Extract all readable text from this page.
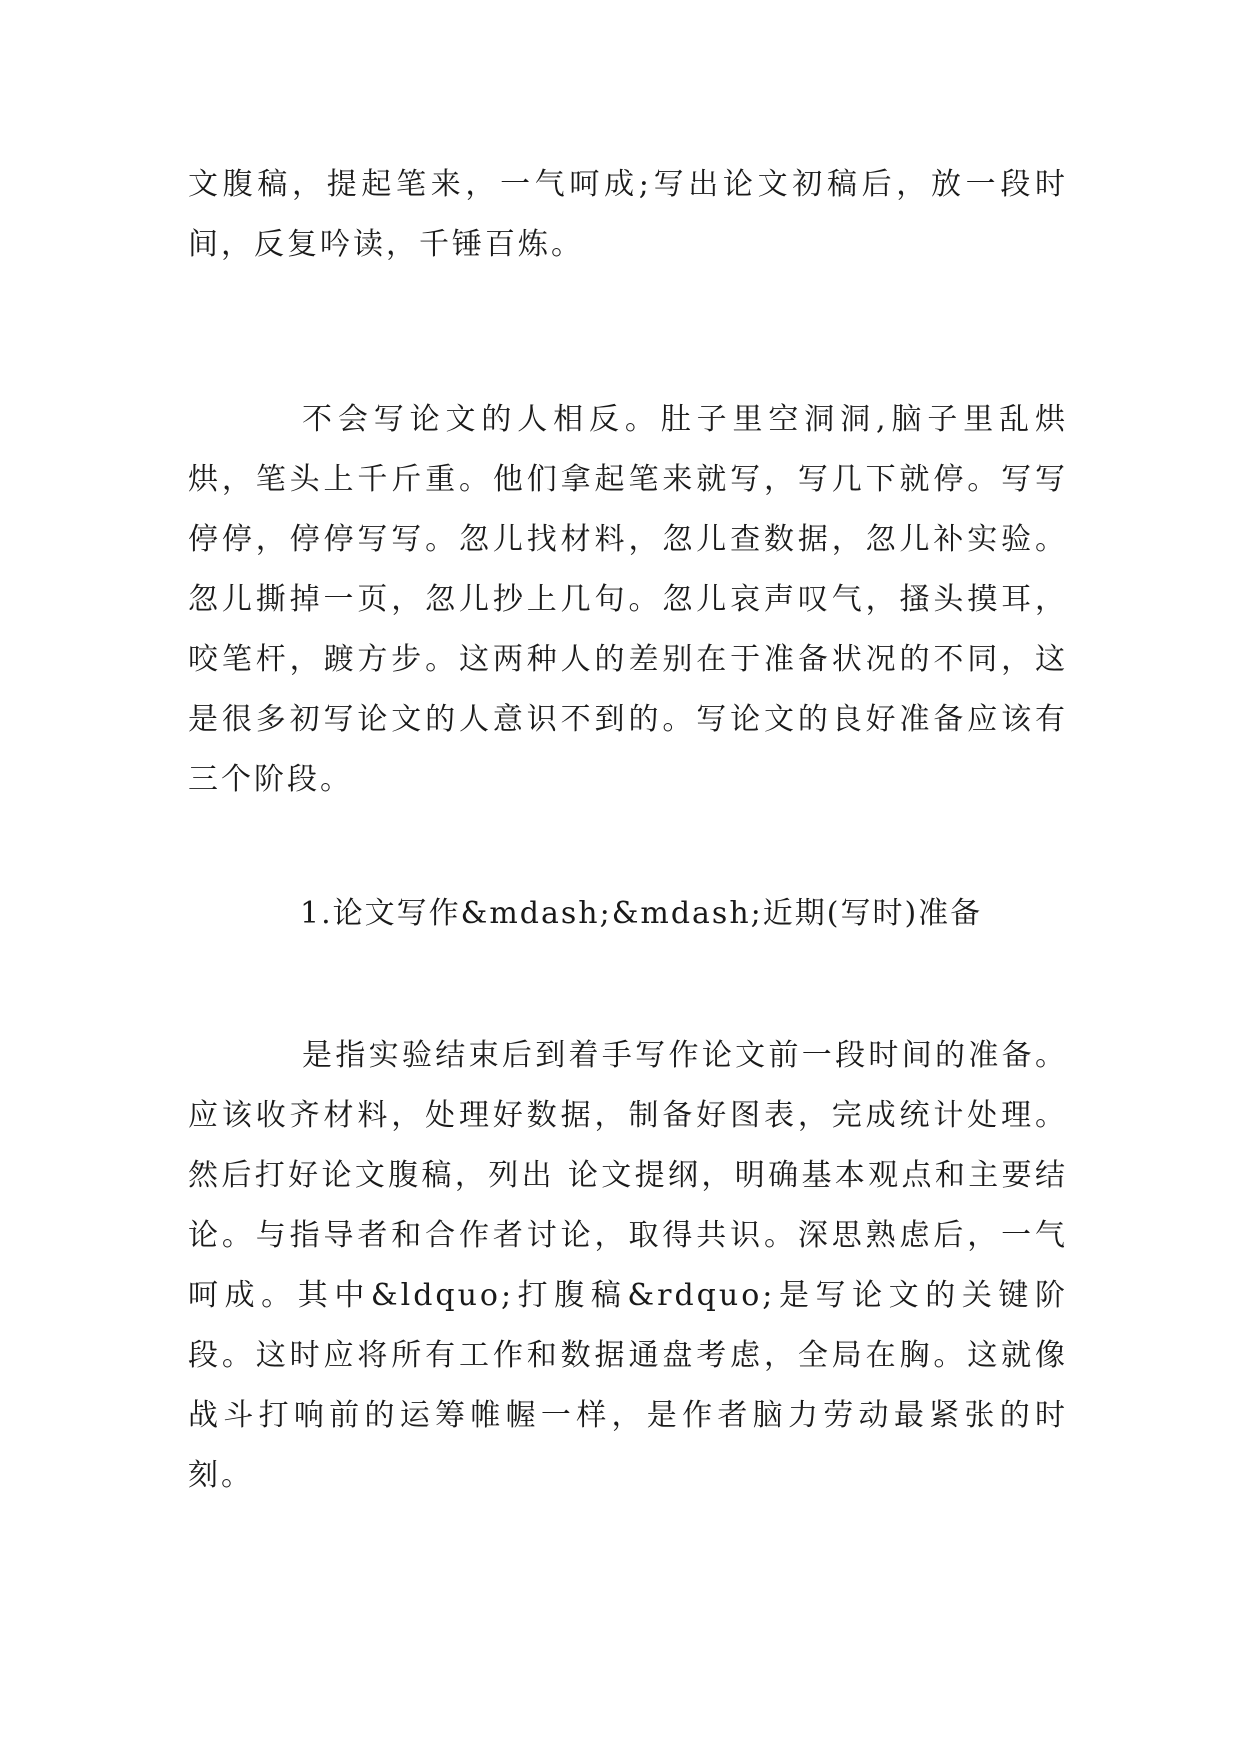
文腹稿，提起笔来，一气呵成;写出论文初稿后，放一段时间，反复吟读，千锤百炼。

不会写论文的人相反。肚子里空洞洞,脑子里乱烘烘，笔头上千斤重。他们拿起笔来就写，写几下就停。写写停停，停停写写。忽儿找材料，忽儿查数据，忽儿补实验。忽儿撕掉一页，忽儿抄上几句。忽儿哀声叹气，搔头摸耳，咬笔杆，踱方步。这两种人的差别在于准备状况的不同，这是很多初写论文的人意识不到的。写论文的良好准备应该有三个阶段。

1.论文写作&mdash;&mdash;近期(写时)准备

是指实验结束后到着手写作论文前一段时间的准备。应该收齐材料，处理好数据，制备好图表，完成统计处理。然后打好论文腹稿，列出 论文提纲，明确基本观点和主要结论。与指导者和合作者讨论，取得共识。深思熟虑后，一气呵成。其中&ldquo;打腹稿&rdquo;是写论文的关键阶段。这时应将所有工作和数据通盘考虑，全局在胸。这就像战斗打响前的运筹帷幄一样，是作者脑力劳动最紧张的时刻。
